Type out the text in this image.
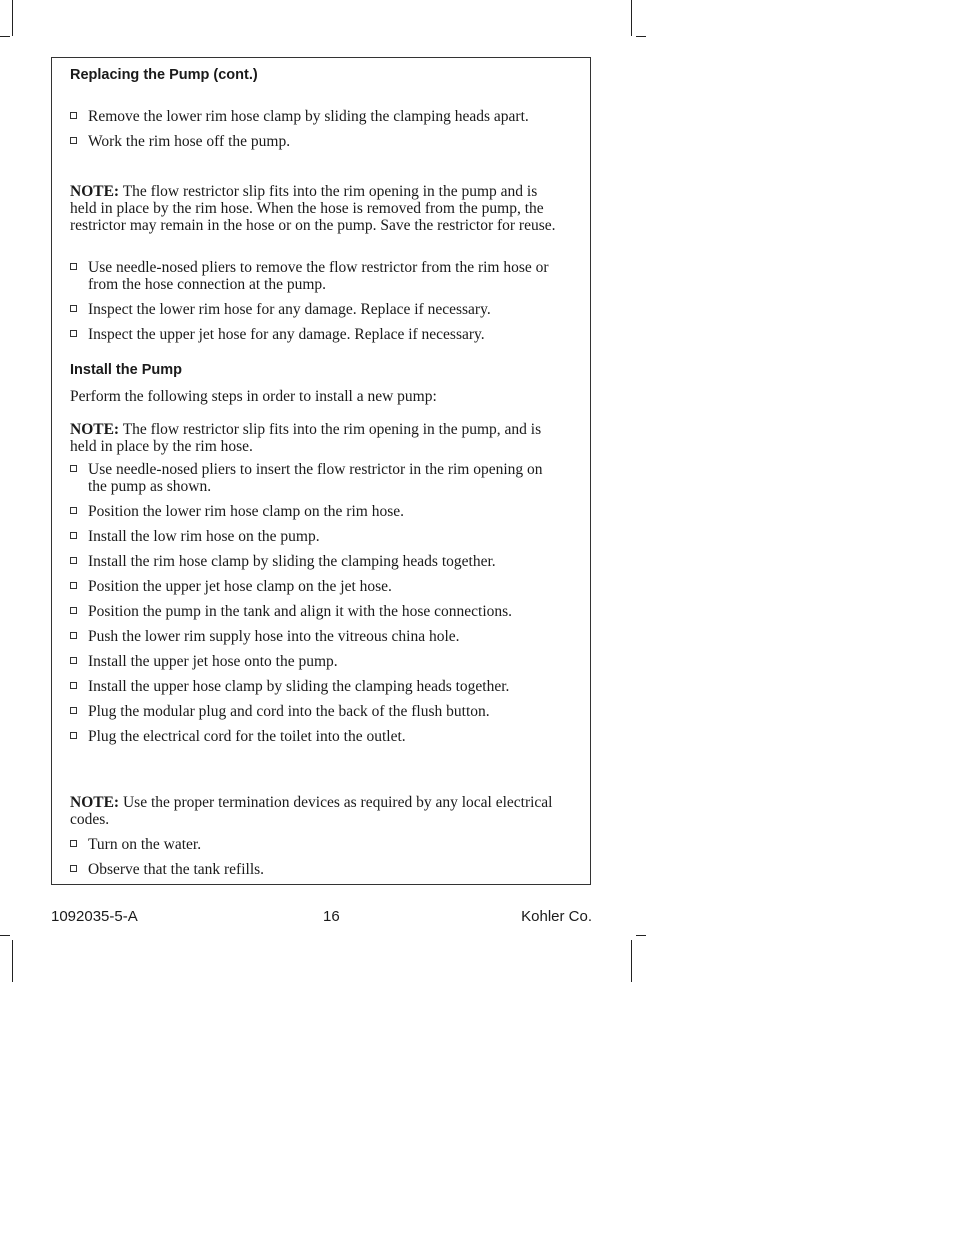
Replacing the Pump (cont.)
Remove the lower rim hose clamp by sliding the clamping heads apart.
Work the rim hose off the pump.
NOTE: The flow restrictor slip fits into the rim opening in the pump and is held in place by the rim hose. When the hose is removed from the pump, the restrictor may remain in the hose or on the pump. Save the restrictor for reuse.
Use needle-nosed pliers to remove the flow restrictor from the rim hose or from the hose connection at the pump.
Inspect the lower rim hose for any damage. Replace if necessary.
Inspect the upper jet hose for any damage. Replace if necessary.
Install the Pump
Perform the following steps in order to install a new pump:
NOTE: The flow restrictor slip fits into the rim opening in the pump, and is held in place by the rim hose.
Use needle-nosed pliers to insert the flow restrictor in the rim opening on the pump as shown.
Position the lower rim hose clamp on the rim hose.
Install the low rim hose on the pump.
Install the rim hose clamp by sliding the clamping heads together.
Position the upper jet hose clamp on the jet hose.
Position the pump in the tank and align it with the hose connections.
Push the lower rim supply hose into the vitreous china hole.
Install the upper jet hose onto the pump.
Install the upper hose clamp by sliding the clamping heads together.
Plug the modular plug and cord into the back of the flush button.
Plug the electrical cord for the toilet into the outlet.
NOTE: Use the proper termination devices as required by any local electrical codes.
Turn on the water.
Observe that the tank refills.
1092035-5-A	16	Kohler Co.
